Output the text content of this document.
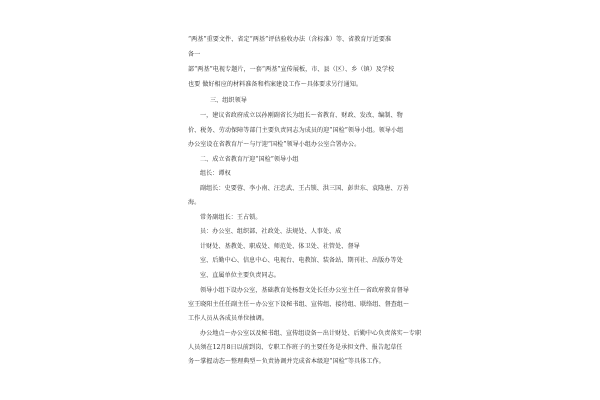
“两基”重要文件、省定“两基”评估验收办法（含标准）等、省教育厅近要准
备一
部“两基”电视专题片，一套“两基”宣传展板，市、县（区）、乡（镇）及学校
也要 做好相应的材料准备和档案建设工作～具体要求另行通知。
三、组织领导
一，建议省政府成立以孙刚副省长为组长～省教育、财政、发改、编制、物
价、税务、劳动保障等部门主要负责同志为成员的迎“国检”领导小组。领导小组
办公室设在省教育厅～与厅迎“国检”领导小组办公室合署办公。
二、成立省教育厅迎“国检”领导小组
组长：谭权
副组长：史要蓉、李小南、汪忠武、王占锁、洪三国、彭世东、袁隆唐、万善
海。
常务副组长：王占锁。
员：办公室、组织部、社政处、法规处、人事处、成
计财处、基教处、职成处、师范处、体卫处、社管处、督导
室、后勤中心、信息中心、电视台、电教馆、装备站、期刊社、出版办等处
室、直属单位主要负责同志。
领导小组下设办公室，基础教育处杨磐文处长任办公室主任～省政府教育督导
室王晓阳主任任副主任～办公室下设秘书组、宣传组、接待组、联络组、督查组～
工作人员从各成员单位抽调。
办公地点～办公室以及秘书组、宣传组设备～出计财处、后勤中心负责落实～专职
人员须在12月8日以前到岗、专职工作班子的主要任务是承担文件、报告起草任
务～掌握动态～整理典型～负责协调并完成省本级迎“国检”等具体工作。
